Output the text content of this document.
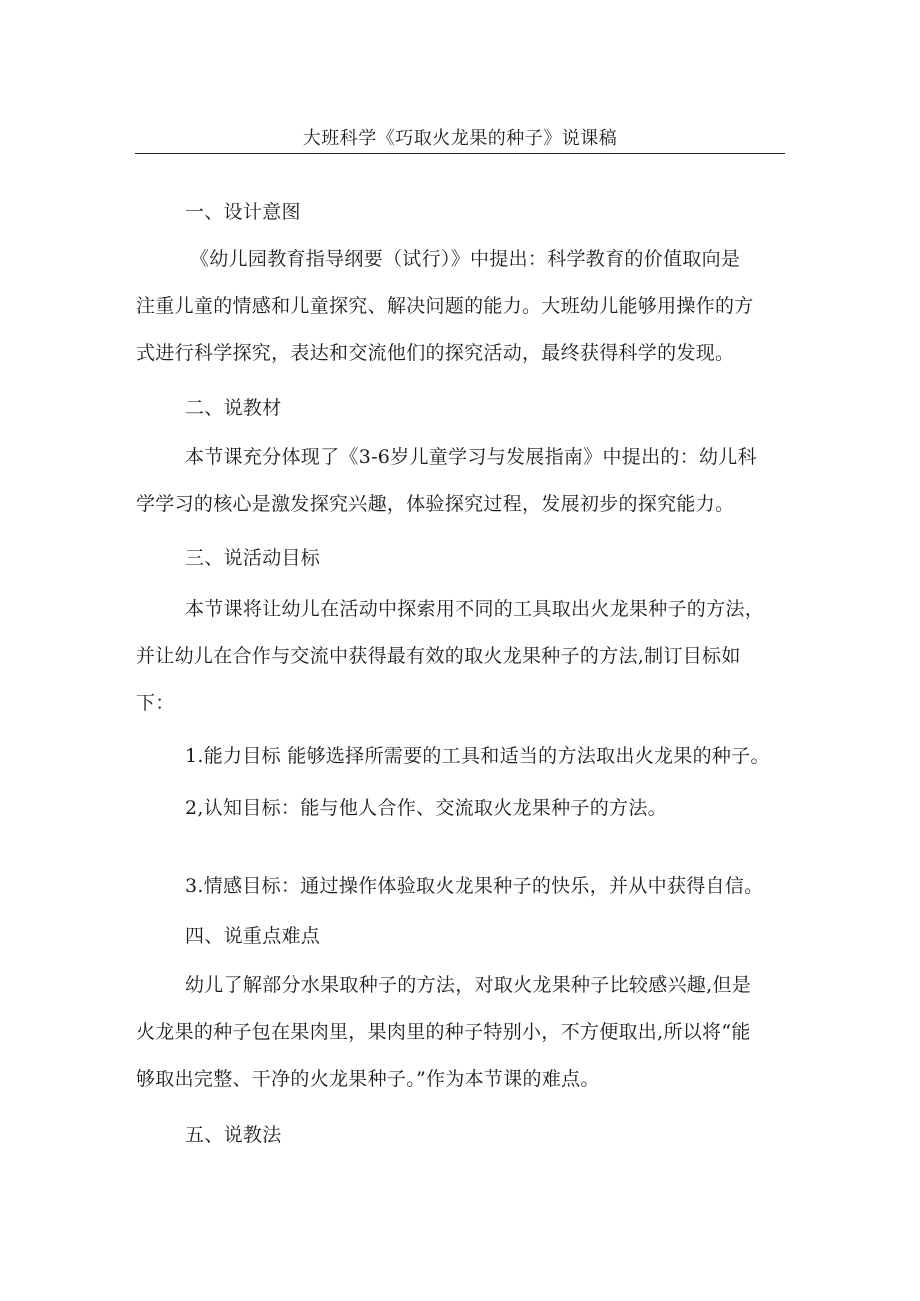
大班科学《巧取火龙果的种子》说课稿
一、设计意图
《幼儿园教育指导纲要（试行）》中提出：科学教育的价值取向是
注重儿童的情感和儿童探究、解决问题的能力。大班幼儿能够用操作的方
式进行科学探究，表达和交流他们的探究活动，最终获得科学的发现。
二、说教材
本节课充分体现了《3-6岁儿童学习与发展指南》中提出的：幼儿科
学学习的核心是激发探究兴趣，体验探究过程，发展初步的探究能力。
三、说活动目标
本节课将让幼儿在活动中探索用不同的工具取出火龙果种子的方法，
并让幼儿在合作与交流中获得最有效的取火龙果种子的方法,制订目标如
下：
1.能力目标 能够选择所需要的工具和适当的方法取出火龙果的种子。
2,认知目标：能与他人合作、交流取火龙果种子的方法。
3.情感目标：通过操作体验取火龙果种子的快乐，并从中获得自信。
四、说重点难点
幼儿了解部分水果取种子的方法，对取火龙果种子比较感兴趣,但是
火龙果的种子包在果肉里，果肉里的种子特别小，不方便取出,所以将“能
够取出完整、干净的火龙果种子。”作为本节课的难点。
五、说教法
